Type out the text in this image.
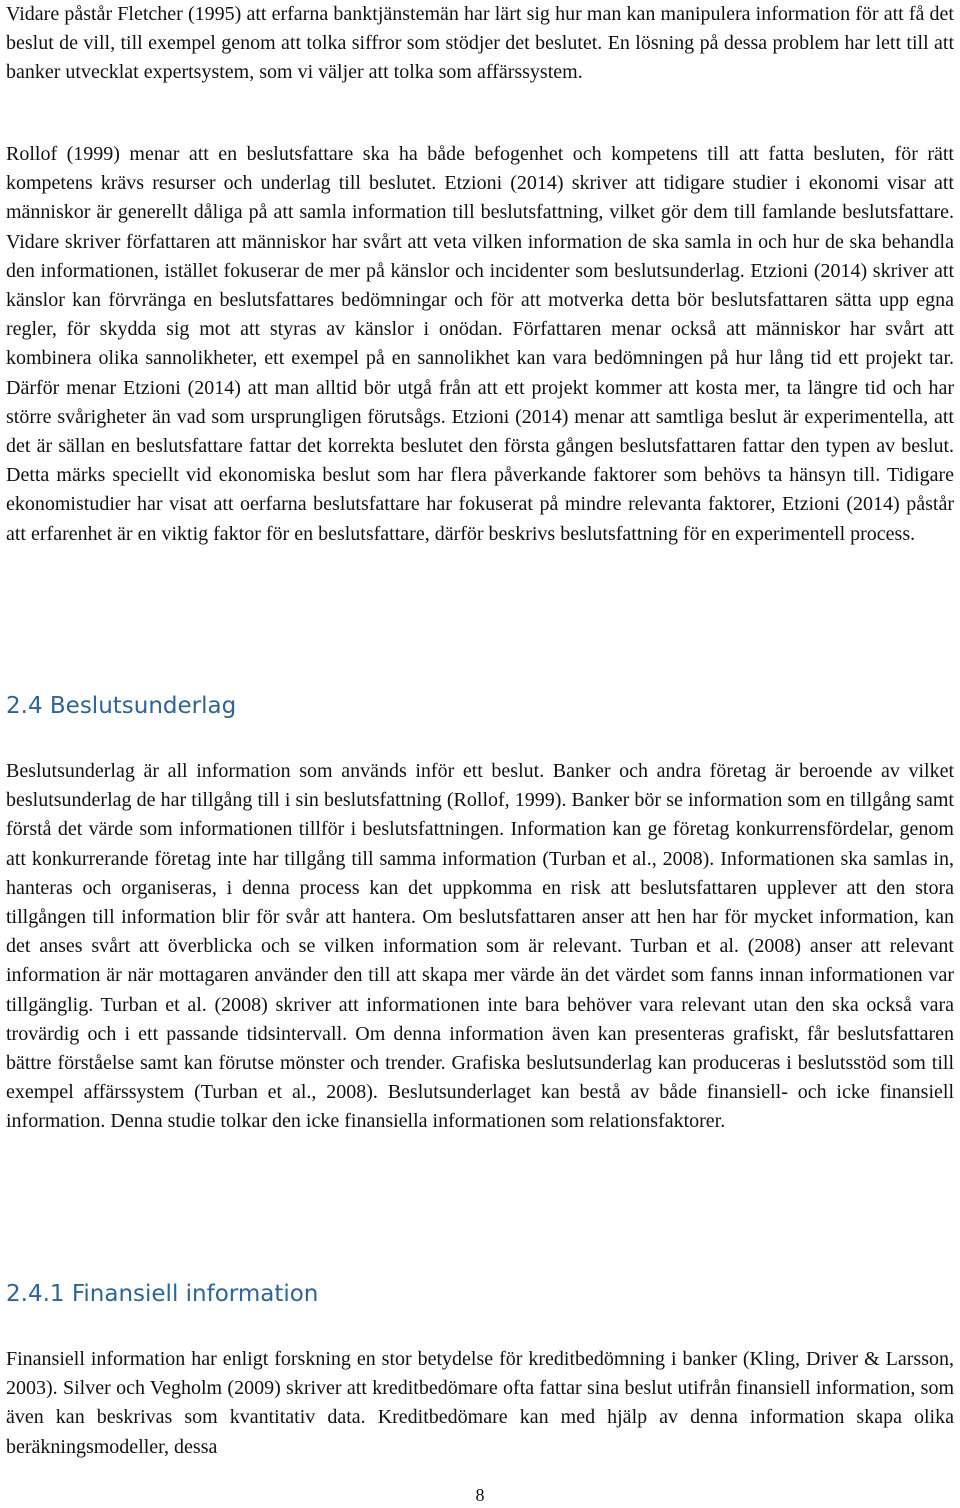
Vidare påstår Fletcher (1995) att erfarna banktjänstemän har lärt sig hur man kan manipulera information för att få det beslut de vill, till exempel genom att tolka siffror som stödjer det beslutet. En lösning på dessa problem har lett till att banker utvecklat expertsystem, som vi väljer att tolka som affärssystem.

Rollof (1999) menar att en beslutsfattare ska ha både befogenhet och kompetens till att fatta besluten, för rätt kompetens krävs resurser och underlag till beslutet. Etzioni (2014) skriver att tidigare studier i ekonomi visar att människor är generellt dåliga på att samla information till beslutsfattning, vilket gör dem till famlande beslutsfattare. Vidare skriver författaren att människor har svårt att veta vilken information de ska samla in och hur de ska behandla den informationen, istället fokuserar de mer på känslor och incidenter som beslutsunderlag. Etzioni (2014) skriver att känslor kan förvränga en beslutsfattares bedömningar och för att motverka detta bör beslutsfattaren sätta upp egna regler, för skydda sig mot att styras av känslor i onödan. Författaren menar också att människor har svårt att kombinera olika sannolikheter, ett exempel på en sannolikhet kan vara bedömningen på hur lång tid ett projekt tar. Därför menar Etzioni (2014) att man alltid bör utgå från att ett projekt kommer att kosta mer, ta längre tid och har större svårigheter än vad som ursprungligen förutsågs. Etzioni (2014) menar att samtliga beslut är experimentella, att det är sällan en beslutsfattare fattar det korrekta beslutet den första gången beslutsfattaren fattar den typen av beslut. Detta märks speciellt vid ekonomiska beslut som har flera påverkande faktorer som behövs ta hänsyn till. Tidigare ekonomistudier har visat att oerfarna beslutsfattare har fokuserat på mindre relevanta faktorer, Etzioni (2014) påstår att erfarenhet är en viktig faktor för en beslutsfattare, därför beskrivs beslutsfattning för en experimentell process.

2.4 Beslutsunderlag

Beslutsunderlag är all information som används inför ett beslut. Banker och andra företag är beroende av vilket beslutsunderlag de har tillgång till i sin beslutsfattning (Rollof, 1999). Banker bör se information som en tillgång samt förstå det värde som informationen tillför i beslutsfattningen. Information kan ge företag konkurrensfördelar, genom att konkurrerande företag inte har tillgång till samma information (Turban et al., 2008). Informationen ska samlas in, hanteras och organiseras, i denna process kan det uppkomma en risk att beslutsfattaren upplever att den stora tillgången till information blir för svår att hantera. Om beslutsfattaren anser att hen har för mycket information, kan det anses svårt att överblicka och se vilken information som är relevant. Turban et al. (2008) anser att relevant information är när mottagaren använder den till att skapa mer värde än det värdet som fanns innan informationen var tillgänglig. Turban et al. (2008) skriver att informationen inte bara behöver vara relevant utan den ska också vara trovärdig och i ett passande tidsintervall. Om denna information även kan presenteras grafiskt, får beslutsfattaren bättre förståelse samt kan förutse mönster och trender. Grafiska beslutsunderlag kan produceras i beslutsstöd som till exempel affärssystem (Turban et al., 2008). Beslutsunderlaget kan bestå av både finansiell- och icke finansiell information. Denna studie tolkar den icke finansiella informationen som relationsfaktorer.

2.4.1 Finansiell information

Finansiell information har enligt forskning en stor betydelse för kreditbedömning i banker (Kling, Driver & Larsson, 2003). Silver och Vegholm (2009) skriver att kreditbedömare ofta fattar sina beslut utifrån finansiell information, som även kan beskrivas som kvantitativ data. Kreditbedömare kan med hjälp av denna information skapa olika beräkningsmodeller, dessa

8
